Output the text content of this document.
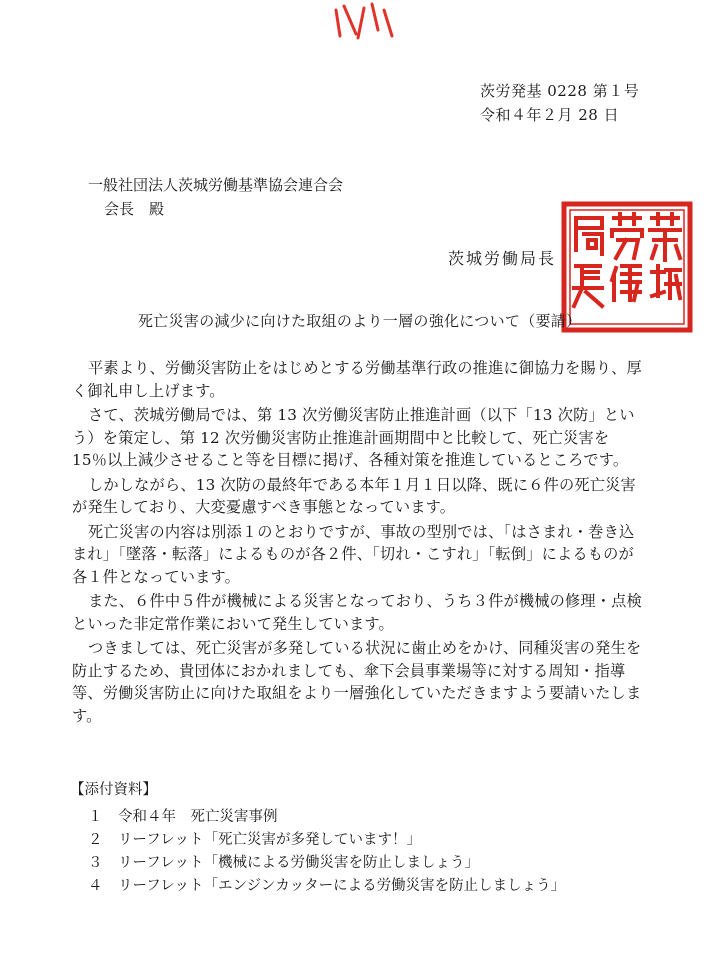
茨労発基 0228 第１号
令和４年２月 28 日
一般社団法人茨城労働基準協会連合会
会長　殿
茨城労働局長
死亡災害の減少に向けた取組のより一層の強化について（要請）

平素より、労働災害防止をはじめとする労働基準行政の推進に御協力を賜り、厚く御礼申し上げます。

さて、茨城労働局では、第 13 次労働災害防止推進計画（以下「13 次防」という）を策定し、第 12 次労働災害防止推進計画期間中と比較して、死亡災害を 15％以上減少させること等を目標に掲げ、各種対策を推進しているところです。

しかしながら、13 次防の最終年である本年１月１日以降、既に６件の死亡災害が発生しており、大変憂慮すべき事態となっています。

死亡災害の内容は別添１のとおりですが、事故の型別では、「はさまれ・巻き込まれ」「墜落・転落」によるものが各２件、「切れ・こすれ」「転倒」によるものが各１件となっています。

また、６件中５件が機械による災害となっており、うち３件が機械の修理・点検といった非定常作業において発生しています。

つきましては、死亡災害が多発している状況に歯止めをかけ、同種災害の発生を防止するため、貴団体におかれましても、傘下会員事業場等に対する周知・指導等、労働災害防止に向けた取組をより一層強化していただきますよう要請いたします。

【添付資料】
１ 令和４年　死亡災害事例
２ リーフレット「死亡災害が多発しています！」
３ リーフレット「機械による労働災害を防止しましょう」
４ リーフレット「エンジンカッターによる労働災害を防止しましょう」
